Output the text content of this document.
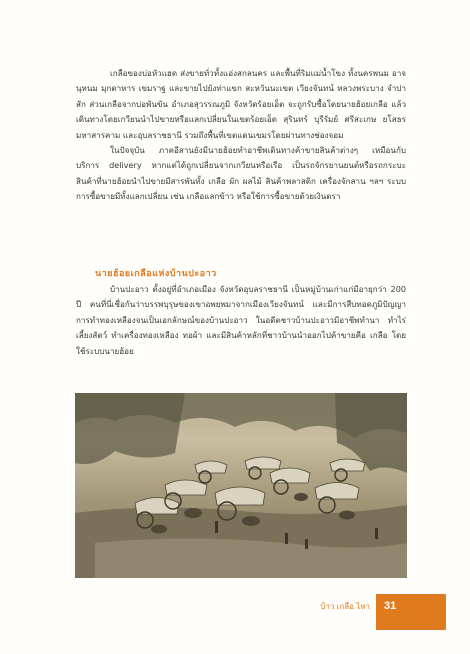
เกลือของบ่อหัวแฮด ส่งขายทั่วทั้งแอ่งสกลนคร และพื้นที่ริมแม่น้ำโขง ทั้งนครพนม อาจนุหนม มุกดาหาร เขมราฐ และขายไปยังท่าแขก สะหวันนะเขต เวียงจันทน์ หลวงพระบาง จำปาสัก ส่วนเกลือจากบ่อพันขัน อำเภอสุวรรณภูมิ จังหวัดร้อยเอ็ด จะถูกรับซื้อโดยนายฮ้อยเกลือ แล้วเดินทางโดยเกวียนนำไปขายหรือแลกเปลี่ยนในเขตร้อยเอ็ด สุรินทร์ บุรีรัมย์ ศรีสะเกษ ยโสธร มหาสารคาม และอุบลราชธานี รวมถึงพื้นที่เขตแดนเขมรโดยผ่านทางช่องจอม

ในปัจจุบัน ภาคอีสานยังมีนายฮ้อยทำอาชีพเดินทางค้าขายสินค้าต่างๆ เหมือนกับบริการ delivery หากแต่ได้ถูกเปลี่ยนจากเกวียนหรือเรือ เป็นรถจักรยานยนต์หรือรถกระบะ สินค้าที่นายฮ้อยนำไปขายมีสารพันทั้ง เกลือ ผัก ผลไม้ สินค้าพลาสติก เครื่องจักสาน ฯลฯ ระบบการซื้อขายมีทั้งแลกเปลี่ยน เช่น เกลือแลกข้าว หรือใช้การซื้อขายด้วยเงินตรา

นายฮ้อยเกลือแห่งบ้านปะอาว

บ้านปะอาว ตั้งอยู่ที่อำเภอเมือง จังหวัดอุบลราชธานี เป็นหมู่บ้านเก่าแก่มีอายุกว่า 200 ปี คนที่นี่เชื่อกันว่าบรรพบุรุษของเขาอพยพมาจากเมืองเวียงจันทน์ และมีการสืบทอดภูมิปัญญาการทำทองเหลืองจนเป็นเอกลักษณ์ของบ้านปะอาว ในอดีตชาวบ้านปะอาวมีอาชีพทำนา ทำไร่ เลี้ยงสัตว์ ทำเครื่องทองเหลือง ทอผ้า และมีสินค้าหลักที่ชาวบ้านนำออกไปค้าขายคือ เกลือ โดยใช้ระบบนายฮ้อย

บ้าว เกลือ ไหา 31
